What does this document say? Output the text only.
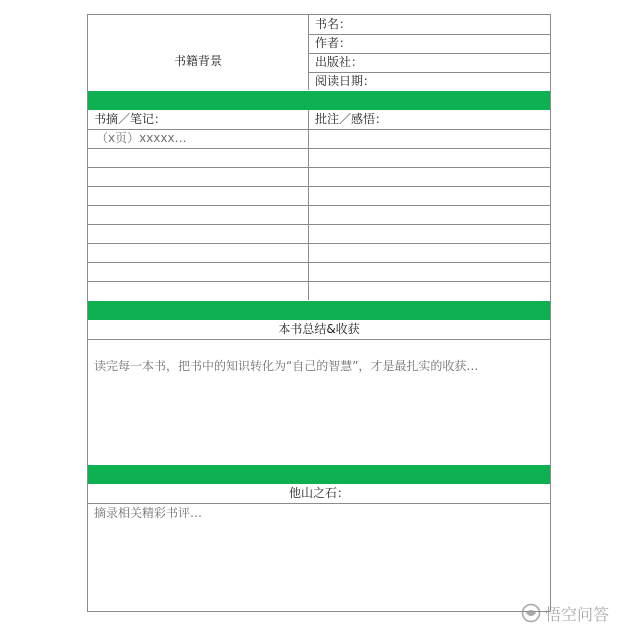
书籍背景
书名：
作者：
出版社：
阅读日期：
书摘／笔记：	批注／感悟：
（x页）xxxxx…
本书总结&收获
读完每一本书，把书中的知识转化为“自己的智慧”，才是最扎实的收获…
他山之石：
摘录相关精彩书评…
悟空问答
